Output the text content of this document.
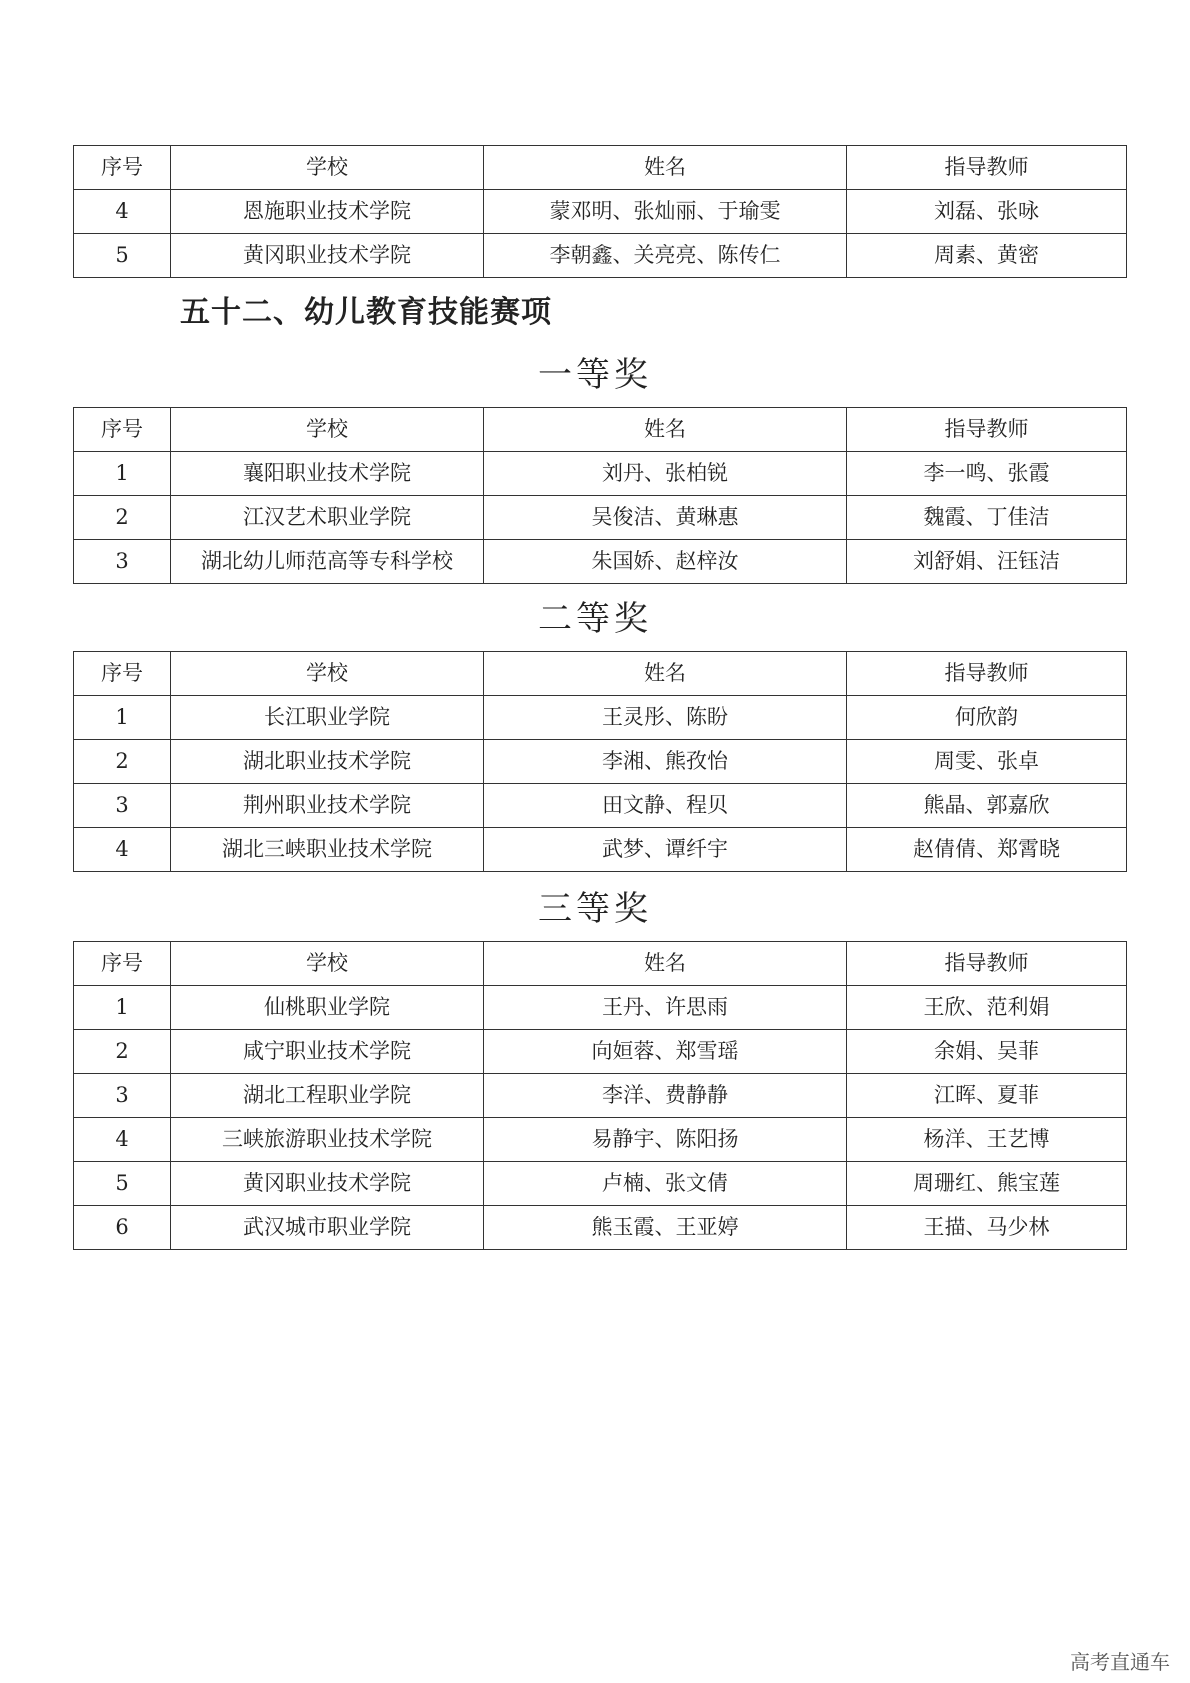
序号	学校	姓名	指导教师
4	恩施职业技术学院	蒙邓明、张灿丽、于瑜雯	刘磊、张咏
5	黄冈职业技术学院	李朝鑫、关亮亮、陈传仁	周素、黄密
五十二、幼儿教育技能赛项
一等奖
序号	学校	姓名	指导教师
1	襄阳职业技术学院	刘丹、张柏锐	李一鸣、张霞
2	江汉艺术职业学院	吴俊洁、黄琳惠	魏霞、丁佳洁
3	湖北幼儿师范高等专科学校	朱国娇、赵梓汝	刘舒娟、汪钰洁
二等奖
序号	学校	姓名	指导教师
1	长江职业学院	王灵彤、陈盼	何欣韵
2	湖北职业技术学院	李湘、熊孜怡	周雯、张卓
3	荆州职业技术学院	田文静、程贝	熊晶、郭嘉欣
4	湖北三峡职业技术学院	武梦、谭纤宇	赵倩倩、郑霄晓
三等奖
序号	学校	姓名	指导教师
1	仙桃职业学院	王丹、许思雨	王欣、范利娟
2	咸宁职业技术学院	向姮蓉、郑雪瑶	余娟、吴菲
3	湖北工程职业学院	李洋、费静静	江晖、夏菲
4	三峡旅游职业技术学院	易静宇、陈阳扬	杨洋、王艺博
5	黄冈职业技术学院	卢楠、张文倩	周珊红、熊宝莲
6	武汉城市职业学院	熊玉霞、王亚婷	王描、马少林
高考直通车
